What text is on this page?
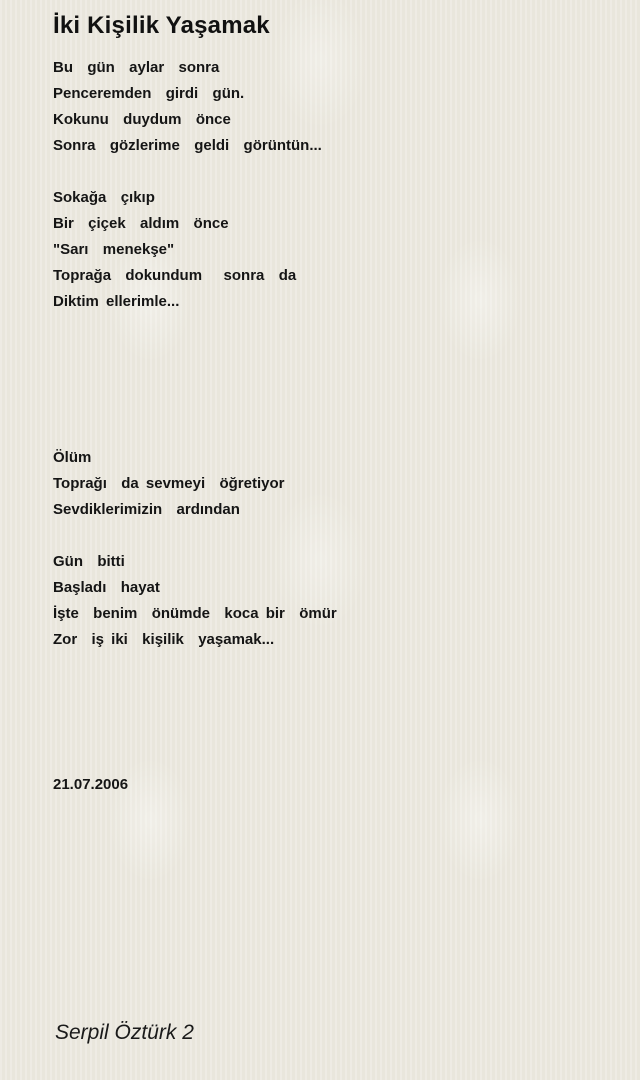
İki Kişilik Yaşamak
Bu  gün  aylar  sonra
Penceremden  girdi  gün.
Kokunu  duydum  önce
Sonra  gözlerime  geldi  görüntün...
Sokağa  çıkıp
Bir  çiçek  aldım  önce
"Sarı  menekşe"
Toprağa  dokundum   sonra  da
Diktim ellerimle...
Ölüm
Toprağı  da sevmeyi  öğretiyor
Sevdiklerimizin  ardından
Gün  bitti
Başladı  hayat
İşte  benim  önümde  koca bir  ömür
Zor  iş iki  kişilik  yaşamak...
21.07.2006
Serpil Öztürk 2
